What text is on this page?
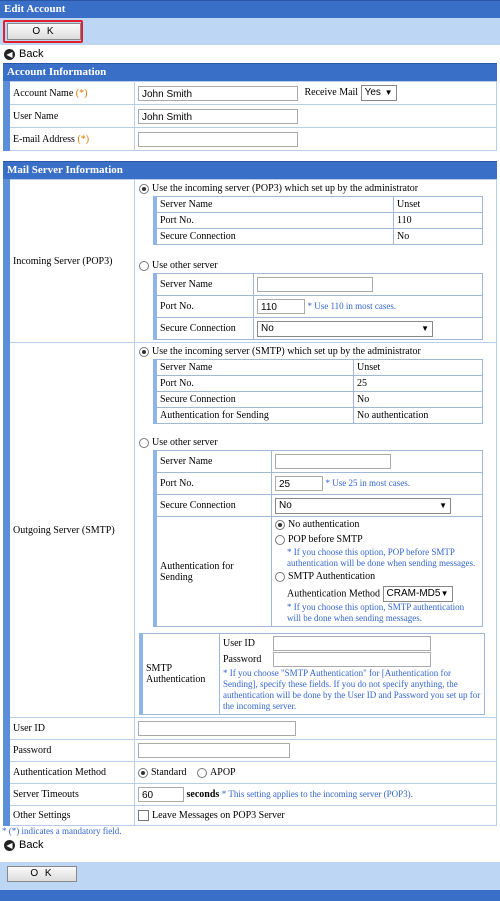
Edit Account
O K
◀ Back
Account Information
Account Name (*)	John Smith Receive Mail Yes ▼

User Name	John Smith
E-mail Address (*)	
Mail Server Information
Incoming Server (POP3)	
Use the incoming server (POP3) which set up by the administrator
Server Name	Unset
Port No.	110
Secure Connection	No
Use other server
Server Name	
Port No.	110	* Use 110 in most cases.
Secure Connection	No	▼

Outgoing Server (SMTP)	
Use the incoming server (SMTP) which set up by the administrator
Server Name	Unset
Port No.	25
Secure Connection	No
Authentication for Sending	No authentication
Use other server
Server Name	
Port No.	25	* Use 25 in most cases.
Secure Connection	No	▼

Authentication for Sending	
No authentication
POP before SMTP
* If you choose this option, POP before SMTP authentication will be done when sending messages.
SMTP Authentication
Authentication Method CRAM-MD5 ▼
* If you choose this option, SMTP authentication will be done when sending messages.
SMTP Authentication	
User ID
Password
* If you choose "SMTP Authentication" for [Authentication for Sending], specify these fields. If you do not specify anything, the authentication will be done by the User ID and Password you set up for the incoming server.

User ID	
Password	
Authentication Method	Standard APOP
Server Timeouts	60	seconds * This setting applies to the incoming server (POP3).
Other Settings	Leave Messages on POP3 Server
* (*) indicates a mandatory field.
◀ Back
O K
